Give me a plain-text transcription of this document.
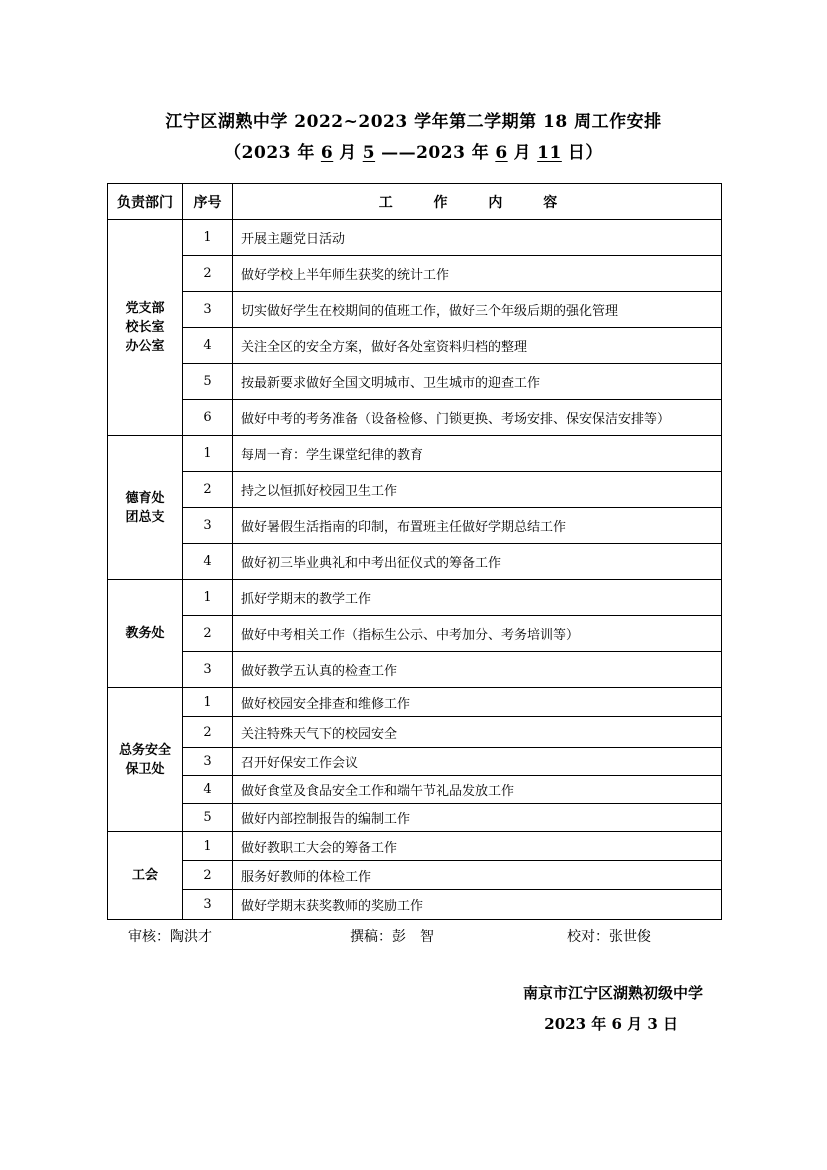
江宁区湖熟中学 2022~2023 学年第二学期第 18 周工作安排
（2023 年 6 月 5 ——2023 年 6 月 11 日）
负责部门	序号	工 作 内 容

党支部
校长室
办公室	1	开展主题党日活动
	2	做好学校上半年师生获奖的统计工作
	3	切实做好学生在校期间的值班工作，做好三个年级后期的强化管理
	4	关注全区的安全方案，做好各处室资料归档的整理
	5	按最新要求做好全国文明城市、卫生城市的迎查工作
	6	做好中考的考务准备（设备检修、门锁更换、考场安排、保安保洁安排等）

德育处
团总支	1	每周一育：学生课堂纪律的教育
	2	持之以恒抓好校园卫生工作
	3	做好暑假生活指南的印制，布置班主任做好学期总结工作
	4	做好初三毕业典礼和中考出征仪式的筹备工作

教务处	1	抓好学期末的教学工作
	2	做好中考相关工作（指标生公示、中考加分、考务培训等）
	3	做好教学五认真的检查工作

总务安全
保卫处	1	做好校园安全排查和维修工作
	2	关注特殊天气下的校园安全
	3	召开好保安工作会议
	4	做好食堂及食品安全工作和端午节礼品发放工作
	5	做好内部控制报告的编制工作

工会	1	做好教职工大会的筹备工作
	2	服务好教师的体检工作
	3	做好学期末获奖教师的奖励工作
审核：陶洪才	撰稿：彭　智	校对：张世俊
南京市江宁区湖熟初级中学
2023 年 6 月 3 日
